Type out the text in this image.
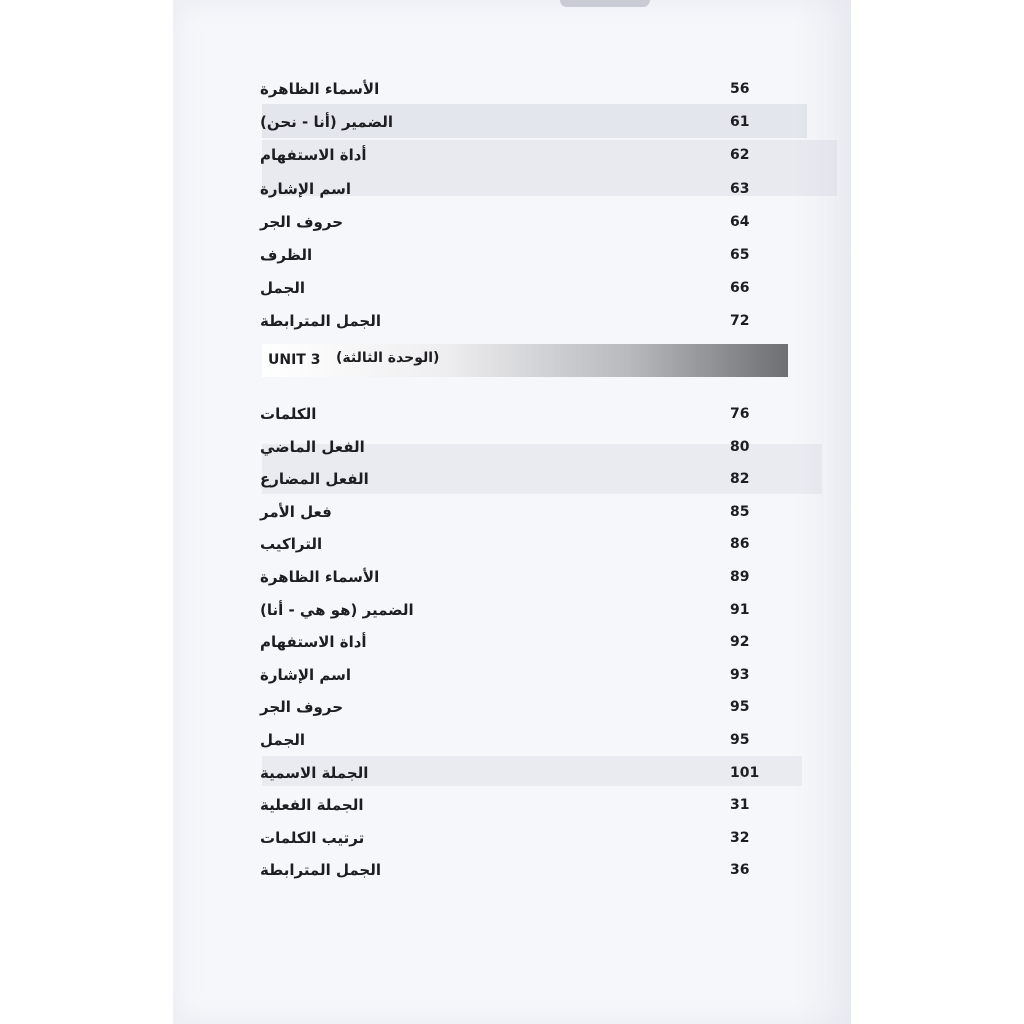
الأسماء الظاهرة	56
الضمير (أنا - نحن)	61
أداة الاستفهام	62
اسم الإشارة	63
حروف الجر	64
الظرف	65
الجمل	66
الجمل المترابطة	72
الكلمات	76
الفعل الماضي	80
الفعل المضارع	82
فعل الأمر	85
التراكيب	86
الأسماء الظاهرة	89
الضمير (هو هي - أنا)	91
أداة الاستفهام	92
اسم الإشارة	93
حروف الجر	95
الجمل	95
الجملة الاسمية	101
الجملة الفعلية	31
ترتيب الكلمات	32
الجمل المترابطة	36
UNIT 3 (الوحدة الثالثة)
